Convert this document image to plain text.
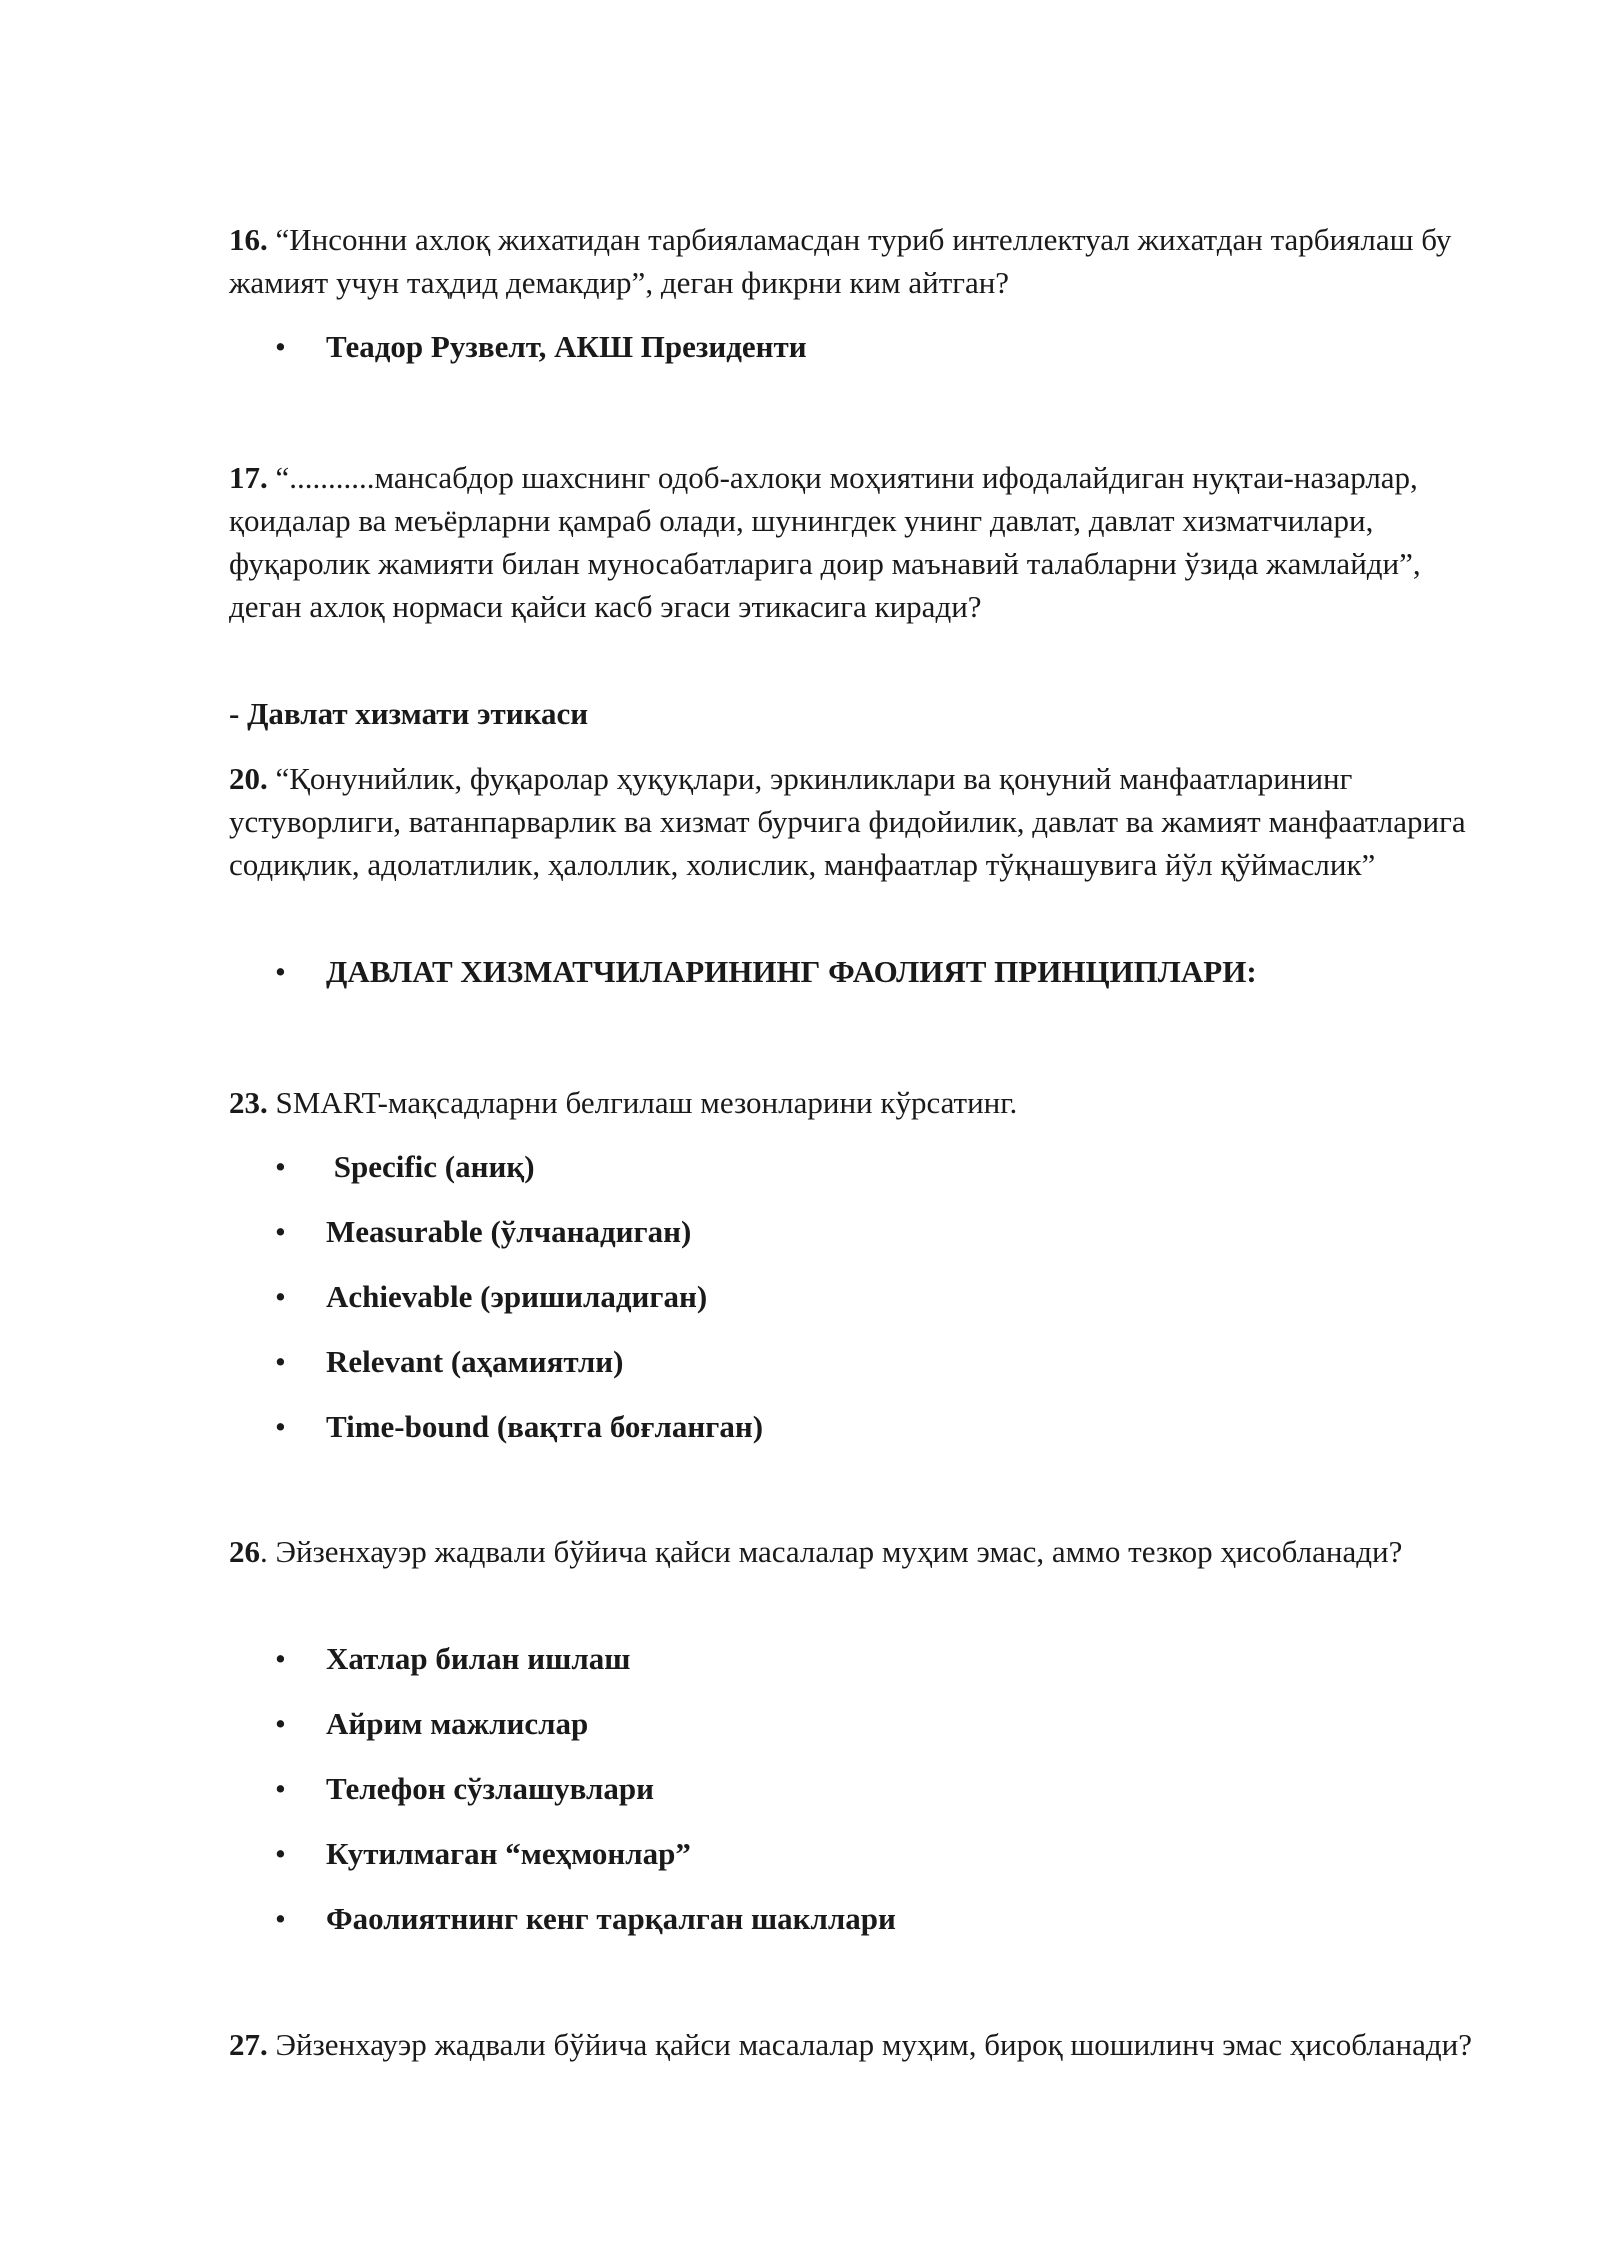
16. “Инсонни ахлоқ жихатидан тарбияламасдан туриб интеллектуал жихатдан тарбиялаш бу жамият учун таҳдид демакдир”, деган фикрни ким айтган?

• Теадор Рузвелт, АКШ Президенти

17. “...........мансабдор шахснинг одоб-ахлоқи моҳиятини ифодалайдиган нуқтаи-назарлар, қоидалар ва меъёрларни қамраб олади, шунингдек унинг давлат, давлат хизматчилари, фуқаролик жамияти билан муносабатларига доир маънавий талабларни ўзида жамлайди”, деган ахлоқ нормаси қайси касб эгаси этикасига киради?

- Давлат хизмати этикаси

20. “Қонунийлик, фуқаролар ҳуқуқлари, эркинликлари ва қонуний манфаатларининг устуворлиги, ватанпарварлик ва хизмат бурчига фидойилик, давлат ва жамият манфаатларига содиқлик, адолатлилик, ҳалоллик, холислик, манфаатлар тўқнашувига йўл қўймаслик”

• ДАВЛАТ ХИЗМАТЧИЛАРИНИНГ ФАОЛИЯТ ПРИНЦИПЛАРИ:

23. SMART-мақсадларни белгилаш мезонларини кўрсатинг.

• Specific (аниқ)
• Measurable (ўлчанадиган)
• Achievable (эришиладиган)
• Relevant (аҳамиятли)
• Time-bound (вақтга боғланган)

26. Эйзенхауэр жадвали бўйича қайси масалалар муҳим эмас, аммо тезкор ҳисобланади?

• Хатлар билан ишлаш
• Айрим мажлислар
• Телефон сўзлашувлари
• Кутилмаган “меҳмонлар”
• Фаолиятнинг кенг тарқалган шакллари

27. Эйзенхауэр жадвали бўйича қайси масалалар муҳим, бироқ шошилинч эмас ҳисобланади?
